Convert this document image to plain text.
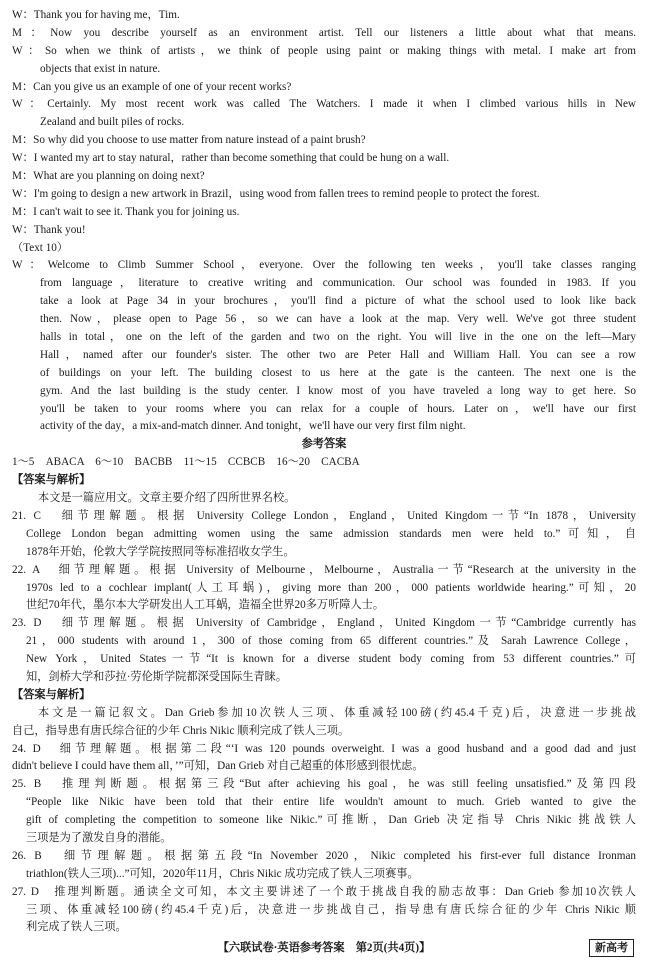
W：Thank you for having me，Tim.
M：Now you describe yourself as an environment artist. Tell our listeners a little about what that means.
W：So when we think of artists，we think of people using paint or making things with metal. I make art from
objects that exist in nature.
M：Can you give us an example of one of your recent works?
W：Certainly. My most recent work was called The Watchers. I made it when I climbed various hills in New
Zealand and built piles of rocks.
M：So why did you choose to use matter from nature instead of a paint brush?
W：I wanted my art to stay natural，rather than become something that could be hung on a wall.
M：What are you planning on doing next?
W：I'm going to design a new artwork in Brazil，using wood from fallen trees to remind people to protect the forest.
M：I can't wait to see it. Thank you for joining us.
W：Thank you!
（Text 10）
W：Welcome to Climb Summer School，everyone. Over the following ten weeks，you'll take classes ranging
from language，literature to creative writing and communication. Our school was founded in 1983. If you
take a look at Page 34 in your brochures，you'll find a picture of what the school used to look like back
then. Now，please open to Page 56，so we can have a look at the map. Very well. We've got three student
halls in total，one on the left of the garden and two on the right. You will live in the one on the left—Mary
Hall，named after our founder's sister. The other two are Peter Hall and William Hall. You can see a row
of buildings on your left. The building closest to us here at the gate is the canteen. The next one is the
gym. And the last building is the study center. I know most of you have traveled a long way to get here. So
you'll be taken to your rooms where you can relax for a couple of hours. Later on，we'll have our first
activity of the day，a mix-and-match dinner. And tonight，we'll have our very first film night.
参考答案
1～5　ABACA　6～10　BACBB　11～15　CCBCB　16～20　CACBA
【答案与解析】
本文是一篇应用文。文章主要介绍了四所世界名校。
21. C　细节理解题。根据 University College London，England，United Kingdom一节“In 1878，University
College London began admitting women using the same admission standards men were held to.”可知，自
1878年开始，伦敦大学学院按照同等标准招收女学生。
22. A　细节理解题。根据 University of Melbourne，Melbourne，Australia一节“Research at the university in the
1970s led to a cochlear implant(人工耳蜗)，giving more than 200，000 patients worldwide hearing.”可知，20
世纪70年代，墨尔本大学研发出人工耳蜗，造福全世界20多万听障人士。
23. D　细节理解题。根据 University of Cambridge，England，United Kingdom一节“Cambridge currently has
21，000 students with around 1，300 of those coming from 65 different countries.”及 Sarah Lawrence College，
New York，United States一节“It is known for a diverse student body coming from 53 different countries.”可
知，剑桥大学和莎拉·劳伦斯学院都深受国际生青睐。
【答案与解析】
本文是一篇记叙文。Dan Grieb参加10次铁人三项、体重减轻100磅(约45.4千克)后，决意进一步挑战
自己，指导患有唐氏综合征的少年 Chris Nikic 顺利完成了铁人三项。
24. D　细节理解题。根据第二段“‘I was 120 pounds overweight. I was a good husband and a good dad and just
didn't believe I could have them all，’”可知，Dan Grieb 对自己超重的体形感到很忧虑。
25. B　推理判断题。根据第三段“But after achieving his goal，he was still feeling unsatisfied.”及第四段
“People like Nikic have been told that their entire life wouldn't amount to much. Grieb wanted to give the
gift of completing the competition to someone like Nikic.”可推断，Dan Grieb 决定指导 Chris Nikic 挑战铁人
三项是为了激发自身的潜能。
26. B　细节理解题。根据第五段“In November 2020，Nikic completed his first-ever full distance Ironman
triathlon(铁人三项)...”可知，2020年11月，Chris Nikic 成功完成了铁人三项赛事。
27. D　推理判断题。通读全文可知，本文主要讲述了一个敢于挑战自我的励志故事：Dan Grieb 参加10次铁人
三项、体重减轻100磅(约45.4千克)后，决意进一步挑战自己，指导患有唐氏综合征的少年 Chris Nikic 顺
利完成了铁人三项。
【六联试卷·英语参考答案　第2页(共4页)】	新高考
